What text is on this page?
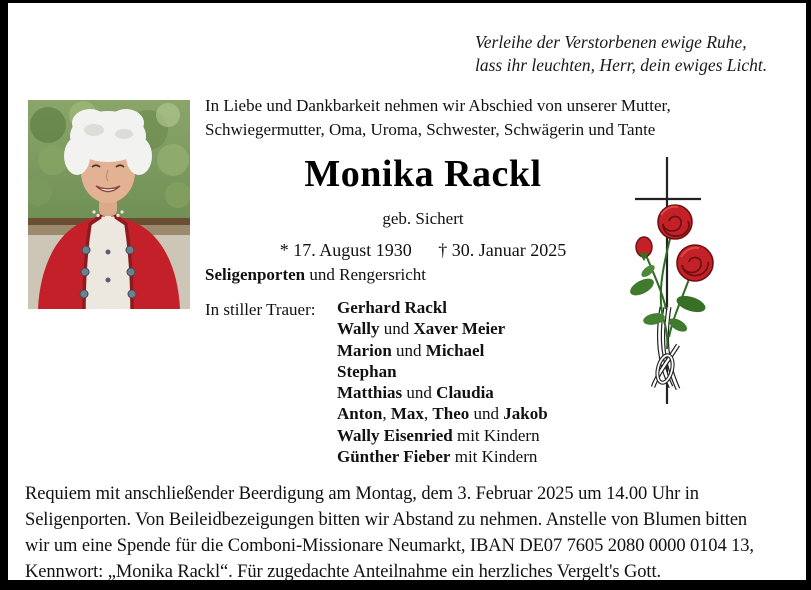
Verleihe der Verstorbenen ewige Ruhe,
lass ihr leuchten, Herr, dein ewiges Licht.
In Liebe und Dankbarkeit nehmen wir Abschied von unserer Mutter, Schwiegermutter, Oma, Uroma, Schwester, Schwägerin und Tante
Monika Rackl
geb. Sichert
* 17. August 1930 † 30. Januar 2025
Seligenporten und Rengersricht
In stiller Trauer: Gerhard Rackl
Wally und Xaver Meier
Marion und Michael
Stephan
Matthias und Claudia
Anton, Max, Theo und Jakob
Wally Eisenried mit Kindern
Günther Fieber mit Kindern
Requiem mit anschließender Beerdigung am Montag, dem 3. Februar 2025 um 14.00 Uhr in
Seligenporten. Von Beileidbezeigungen bitten wir Abstand zu nehmen. Anstelle von Blumen bitten
wir um eine Spende für die Comboni-Missionare Neumarkt, IBAN DE07 7605 2080 0000 0104 13,
Kennwort: „Monika Rackl“. Für zugedachte Anteilnahme ein herzliches Vergelt's Gott.
